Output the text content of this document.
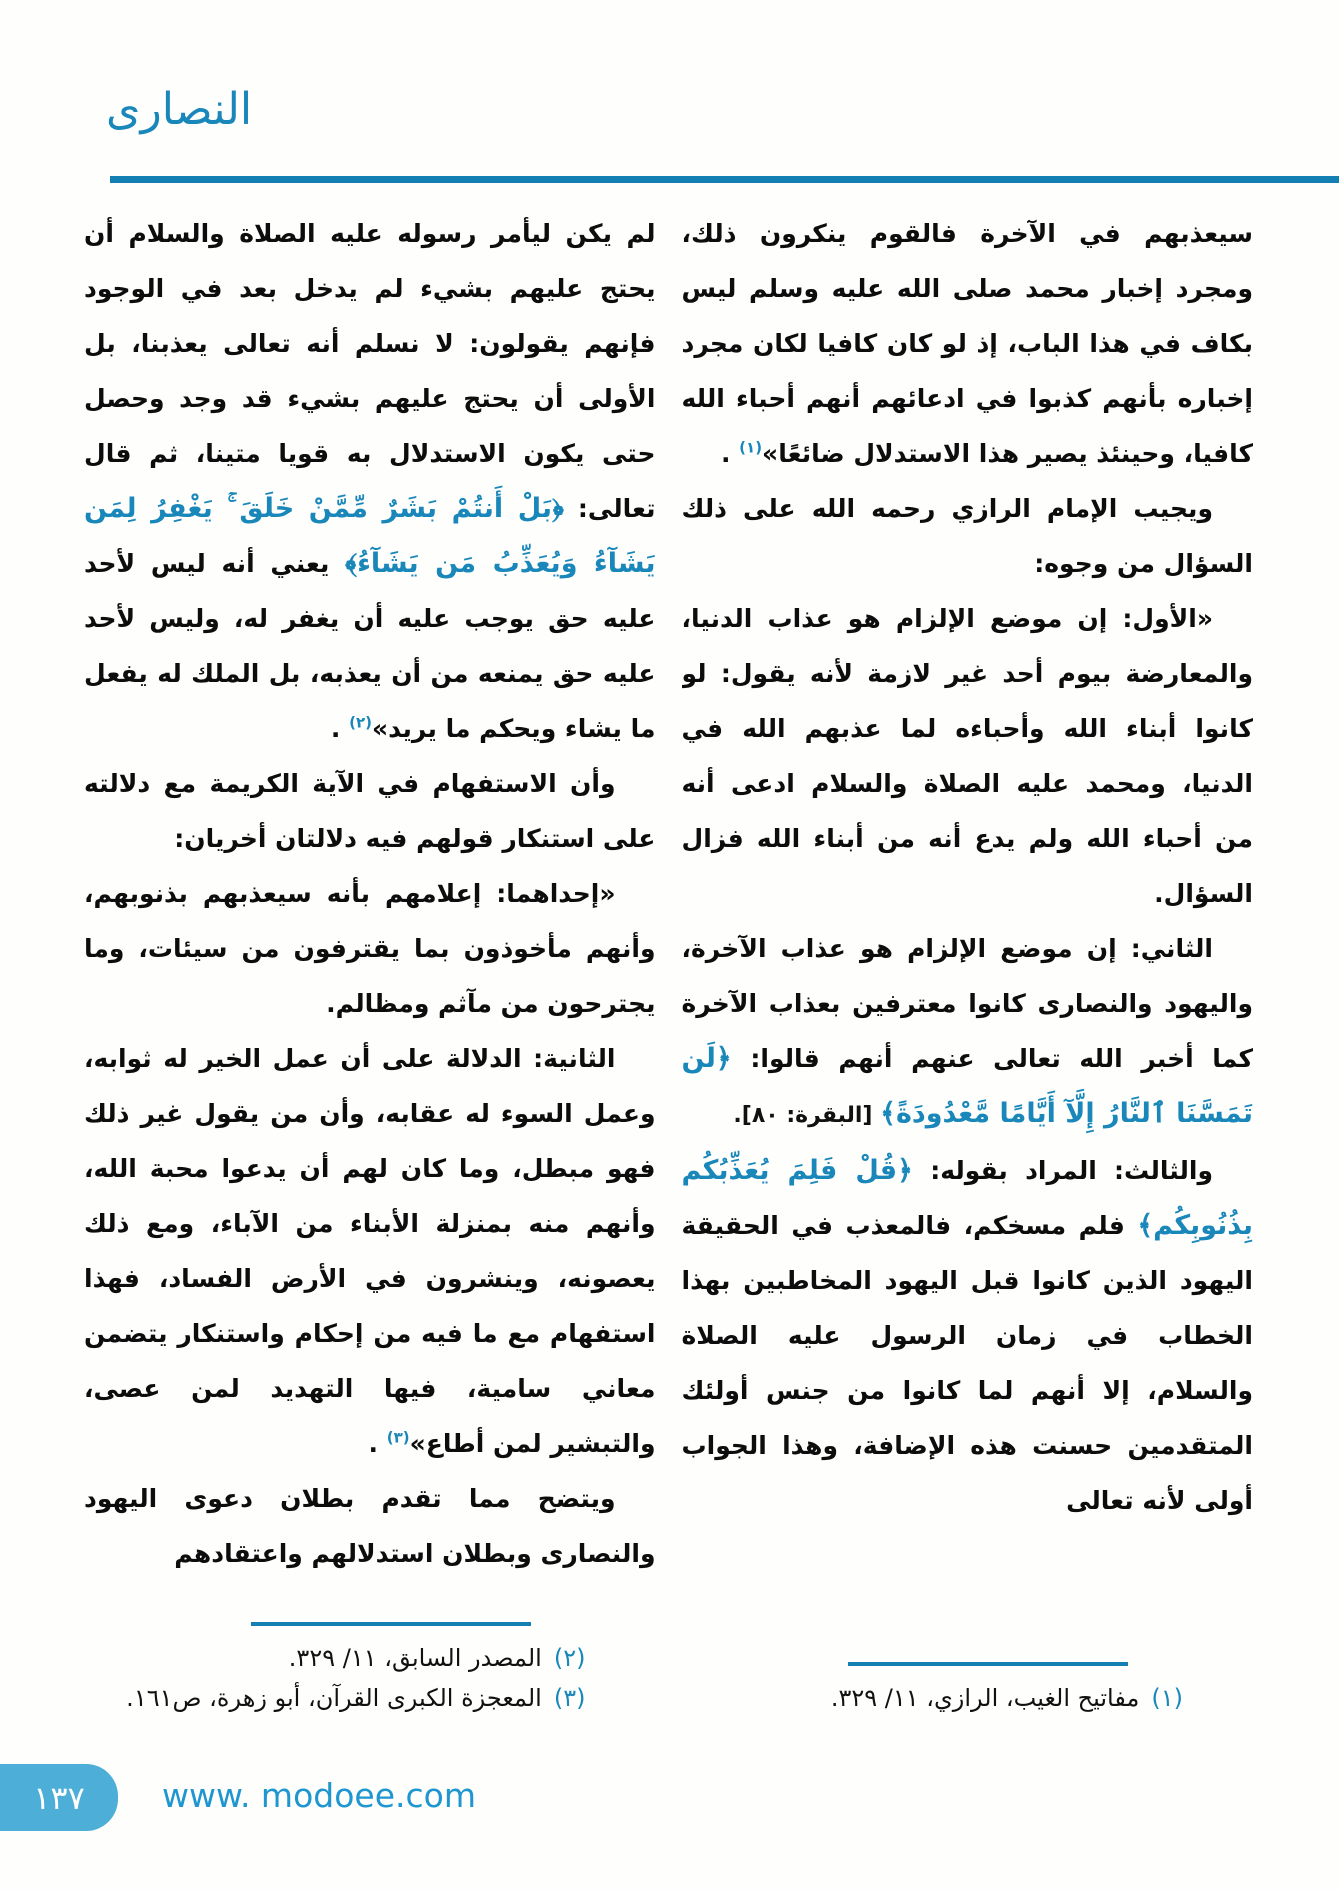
النصارى

سيعذبهم في الآخرة فالقوم ينكرون ذلك، ومجرد إخبار محمد صلى الله عليه وسلم ليس بكاف في هذا الباب، إذ لو كان كافيا لكان مجرد إخباره بأنهم كذبوا في ادعائهم أنهم أحباء الله كافيا، وحينئذ يصير هذا الاستدلال ضائعًا»$^{(١)}$ .

ويجيب الإمام الرازي رحمه الله على ذلك السؤال من وجوه:

«الأول: إن موضع الإلزام هو عذاب الدنيا، والمعارضة بيوم أحد غير لازمة لأنه يقول: لو كانوا أبناء الله وأحباءه لما عذبهم الله في الدنيا، ومحمد عليه الصلاة والسلام ادعى أنه من أحباء الله ولم يدع أنه من أبناء الله فزال السؤال.

الثاني: إن موضع الإلزام هو عذاب الآخرة، واليهود والنصارى كانوا معترفين بعذاب الآخرة كما أخبر الله تعالى عنهم أنهم قالوا: ﴿لَن تَمَسَّنَا ٱلنَّارُ إِلَّآ أَيَّامًا مَّعْدُودَةً﴾ [البقرة: ٨٠].

والثالث: المراد بقوله: ﴿قُلْ فَلِمَ يُعَذِّبُكُم بِذُنُوبِكُم﴾ فلم مسخكم، فالمعذب في الحقيقة اليهود الذين كانوا قبل اليهود المخاطبين بهذا الخطاب في زمان الرسول عليه الصلاة والسلام، إلا أنهم لما كانوا من جنس أولئك المتقدمين حسنت هذه الإضافة، وهذا الجواب أولى لأنه تعالى

(١)
مفاتيح الغيب، الرازي، ١١/ ٣٢٩.

لم يكن ليأمر رسوله عليه الصلاة والسلام أن يحتج عليهم بشيء لم يدخل بعد في الوجود فإنهم يقولون: لا نسلم أنه تعالى يعذبنا، بل الأولى أن يحتج عليهم بشيء قد وجد وحصل حتى يكون الاستدلال به قويا متينا، ثم قال تعالى: ﴿بَلْ أَنتُمْ بَشَرٌ مِّمَّنْ خَلَقَ ۚ يَغْفِرُ لِمَن يَشَآءُ وَيُعَذِّبُ مَن يَشَآءُ﴾ يعني أنه ليس لأحد عليه حق يوجب عليه أن يغفر له، وليس لأحد عليه حق يمنعه من أن يعذبه، بل الملك له يفعل ما يشاء ويحكم ما يريد»$^{(٢)}$ .

وأن الاستفهام في الآية الكريمة مع دلالته على استنكار قولهم فيه دلالتان أخريان:

«إحداهما: إعلامهم بأنه سيعذبهم بذنوبهم، وأنهم مأخوذون بما يقترفون من سيئات، وما يجترحون من مآثم ومظالم.

الثانية: الدلالة على أن عمل الخير له ثوابه، وعمل السوء له عقابه، وأن من يقول غير ذلك فهو مبطل، وما كان لهم أن يدعوا محبة الله، وأنهم منه بمنزلة الأبناء من الآباء، ومع ذلك يعصونه، وينشرون في الأرض الفساد، فهذا استفهام مع ما فيه من إحكام واستنكار يتضمن معاني سامية، فيها التهديد لمن عصى، والتبشير لمن أطاع»$^{(٣)}$ .

ويتضح مما تقدم بطلان دعوى اليهود والنصارى وبطلان استدلالهم واعتقادهم

(٢)
المصدر السابق، ١١/ ٣٢٩.
(٣)
المعجزة الكبرى القرآن، أبو زهرة، ص١٦١.
١٣٧ www. modoee.com
